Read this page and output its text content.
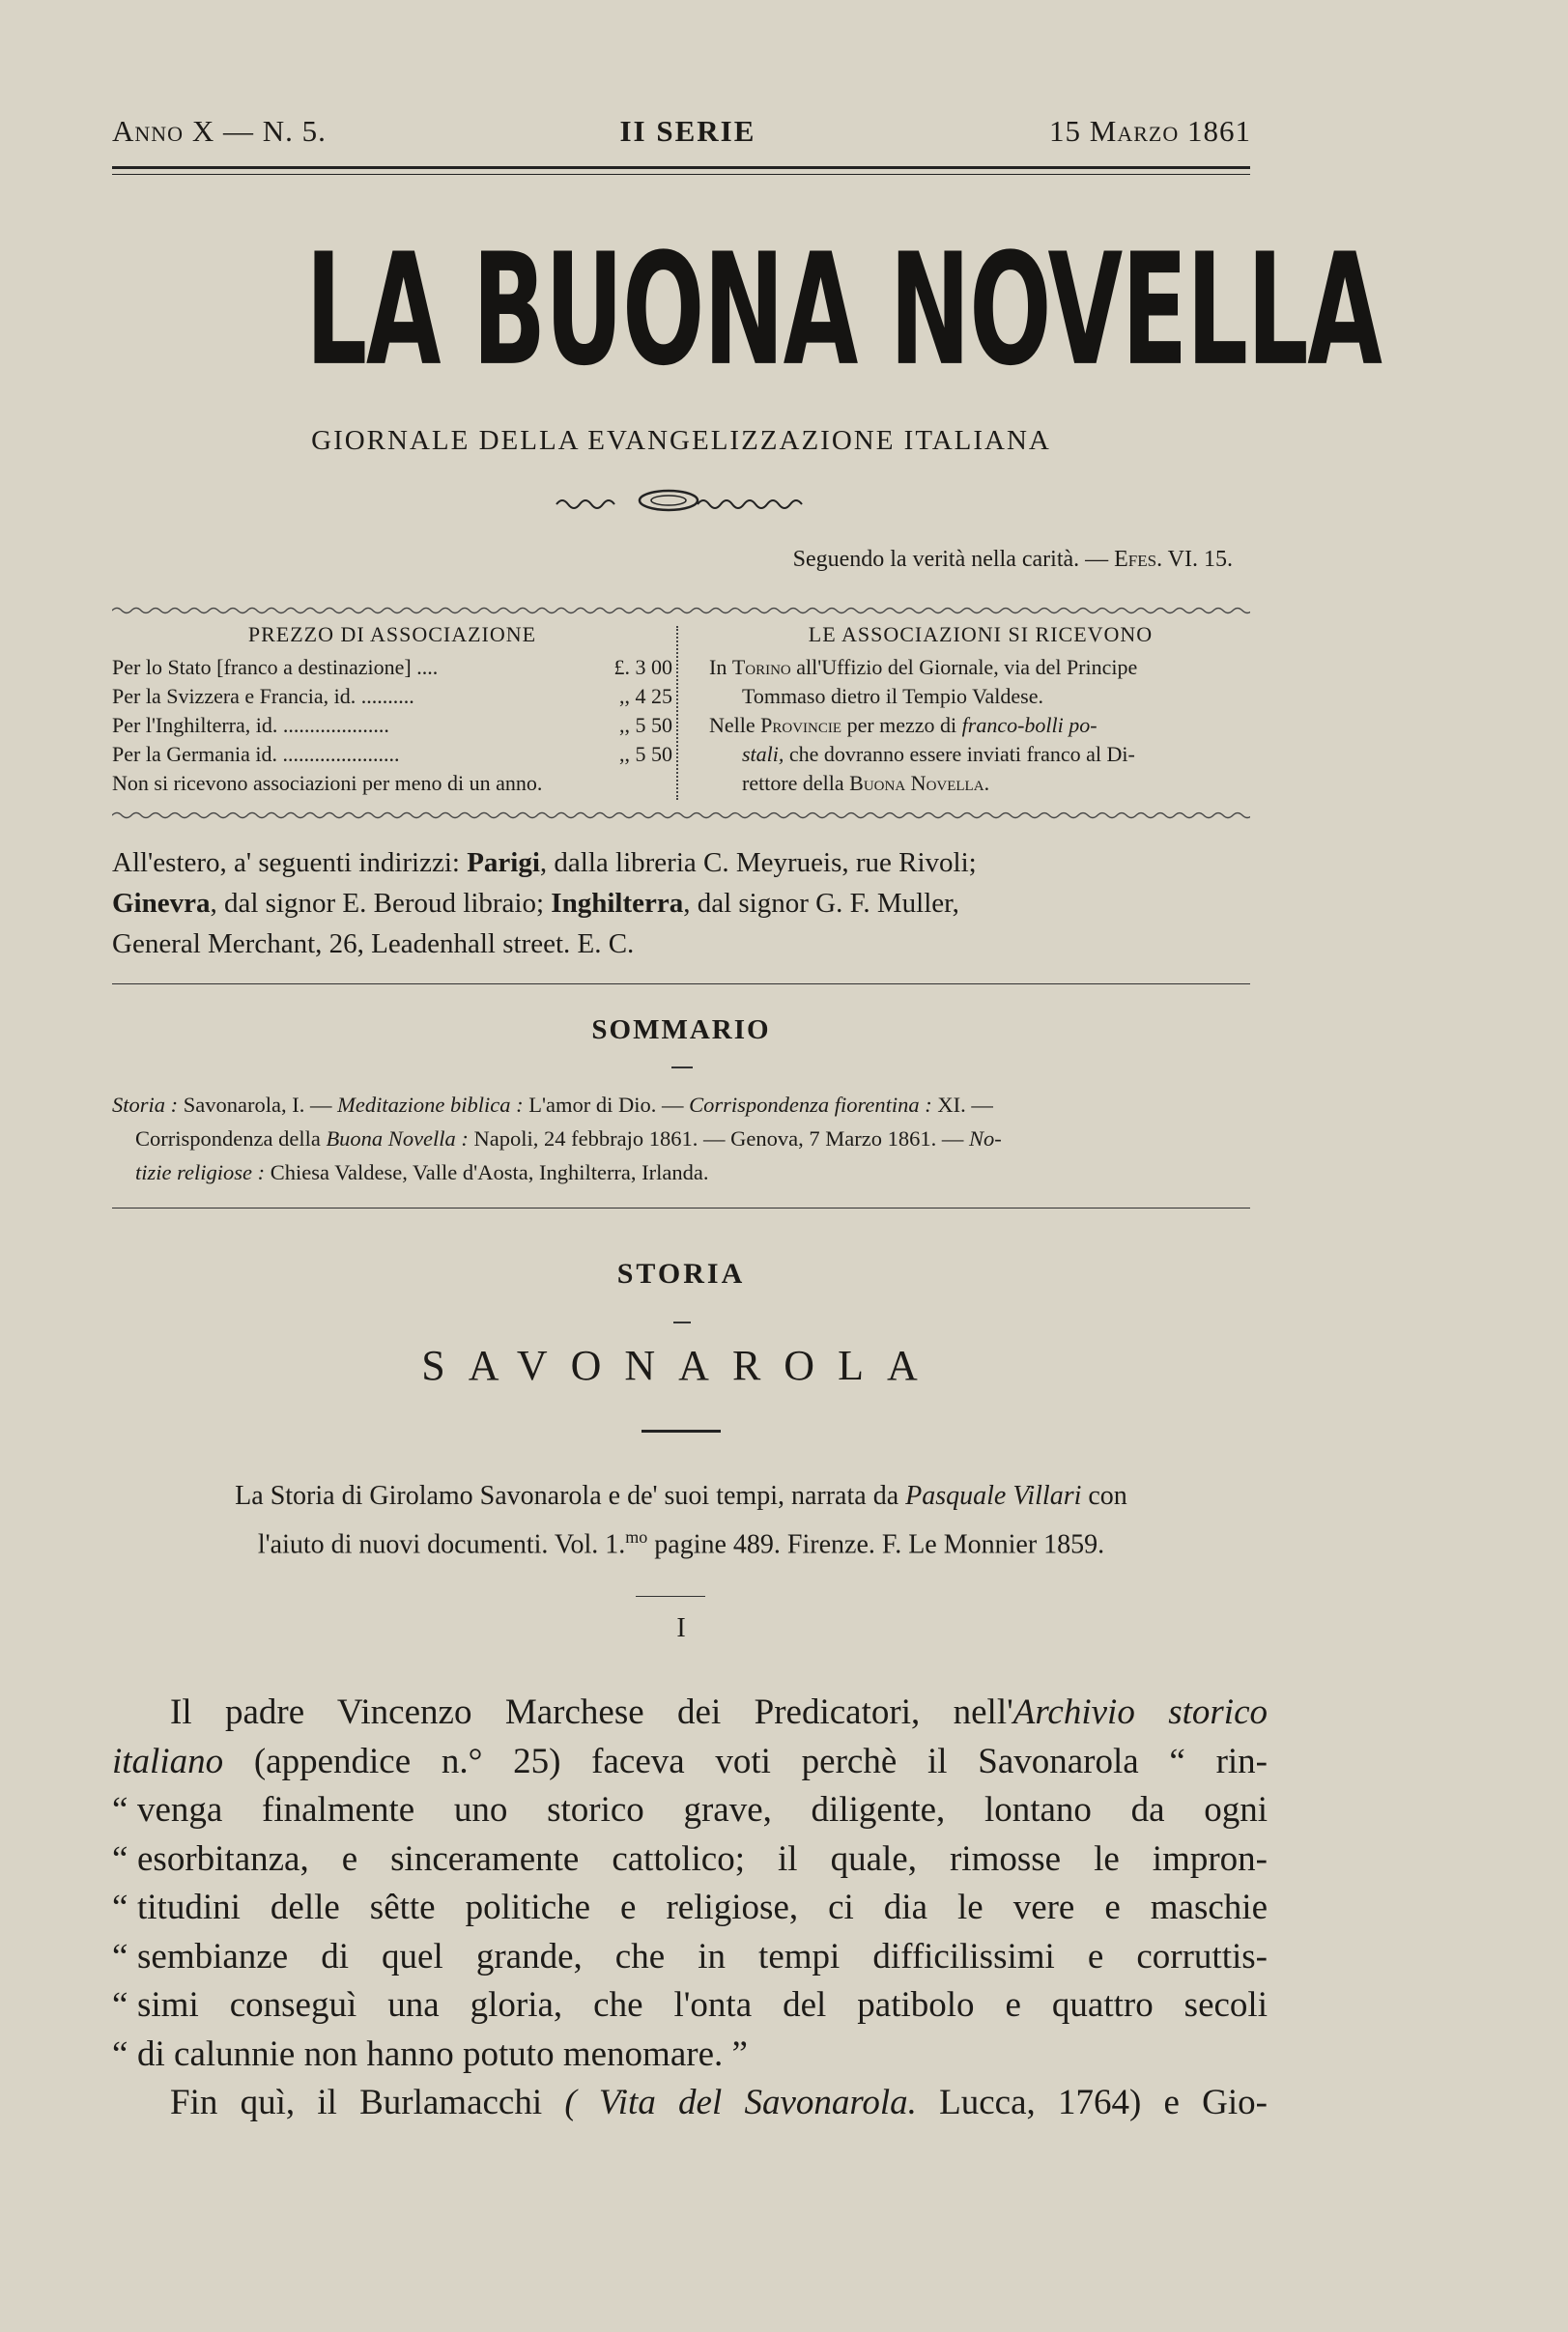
Anno X — N. 5.	II SERIE	15 Marzo 1861
LA BUONA NOVELLA
GIORNALE DELLA EVANGELIZZAZIONE ITALIANA
Seguendo la verità nella carità. — Efes. VI. 15.
PREZZO DI ASSOCIAZIONE
Per lo Stato [franco a destinazione] ....	£. 3 00
Per la Svizzera e Francia, id. ..........	,, 4 25
Per l'Inghilterra, id. ....................	,, 5 50
Per la Germania id. ......................	,, 5 50
Non si ricevono associazioni per meno di un anno.
LE ASSOCIAZIONI SI RICEVONO
In Torino all'Uffizio del Giornale, via del Principe
Tommaso dietro il Tempio Valdese.
Nelle Provincie per mezzo di franco-bolli po-
stali, che dovranno essere inviati franco al Di-
rettore della Buona Novella.
All'estero, a' seguenti indirizzi: Parigi, dalla libreria C. Meyrueis, rue Rivoli;
Ginevra, dal signor E. Beroud libraio; Inghilterra, dal signor G. F. Muller,
General Merchant, 26, Leadenhall street. E. C.
SOMMARIO
Storia : Savonarola, I. — Meditazione biblica : L'amor di Dio. — Corrispondenza fiorentina : XI. —
Corrispondenza della Buona Novella : Napoli, 24 febbrajo 1861. — Genova, 7 Marzo 1861. — No-
tizie religiose : Chiesa Valdese, Valle d'Aosta, Inghilterra, Irlanda.
STORIA
SAVONAROLA
La Storia di Girolamo Savonarola e de' suoi tempi, narrata da Pasquale Villari con
l'aiuto di nuovi documenti. Vol. 1.$^{mo}$ pagine 489. Firenze. F. Le Monnier 1859.
I
Il padre Vincenzo Marchese dei Predicatori, nell'Archivio storico
italiano (appendice n.° 25) faceva voti perchè il Savonarola “ rin-
“ venga finalmente uno storico grave, diligente, lontano da ogni
“ esorbitanza, e sinceramente cattolico; il quale, rimosse le impron-
“ titudini delle sêtte politiche e religiose, ci dia le vere e maschie
“ sembianze di quel grande, che in tempi difficilissimi e corruttis-
“ simi conseguì una gloria, che l'onta del patibolo e quattro secoli
“ di calunnie non hanno potuto menomare. ”
Fin quì, il Burlamacchi ( Vita del Savonarola. Lucca, 1764) e Gio-
